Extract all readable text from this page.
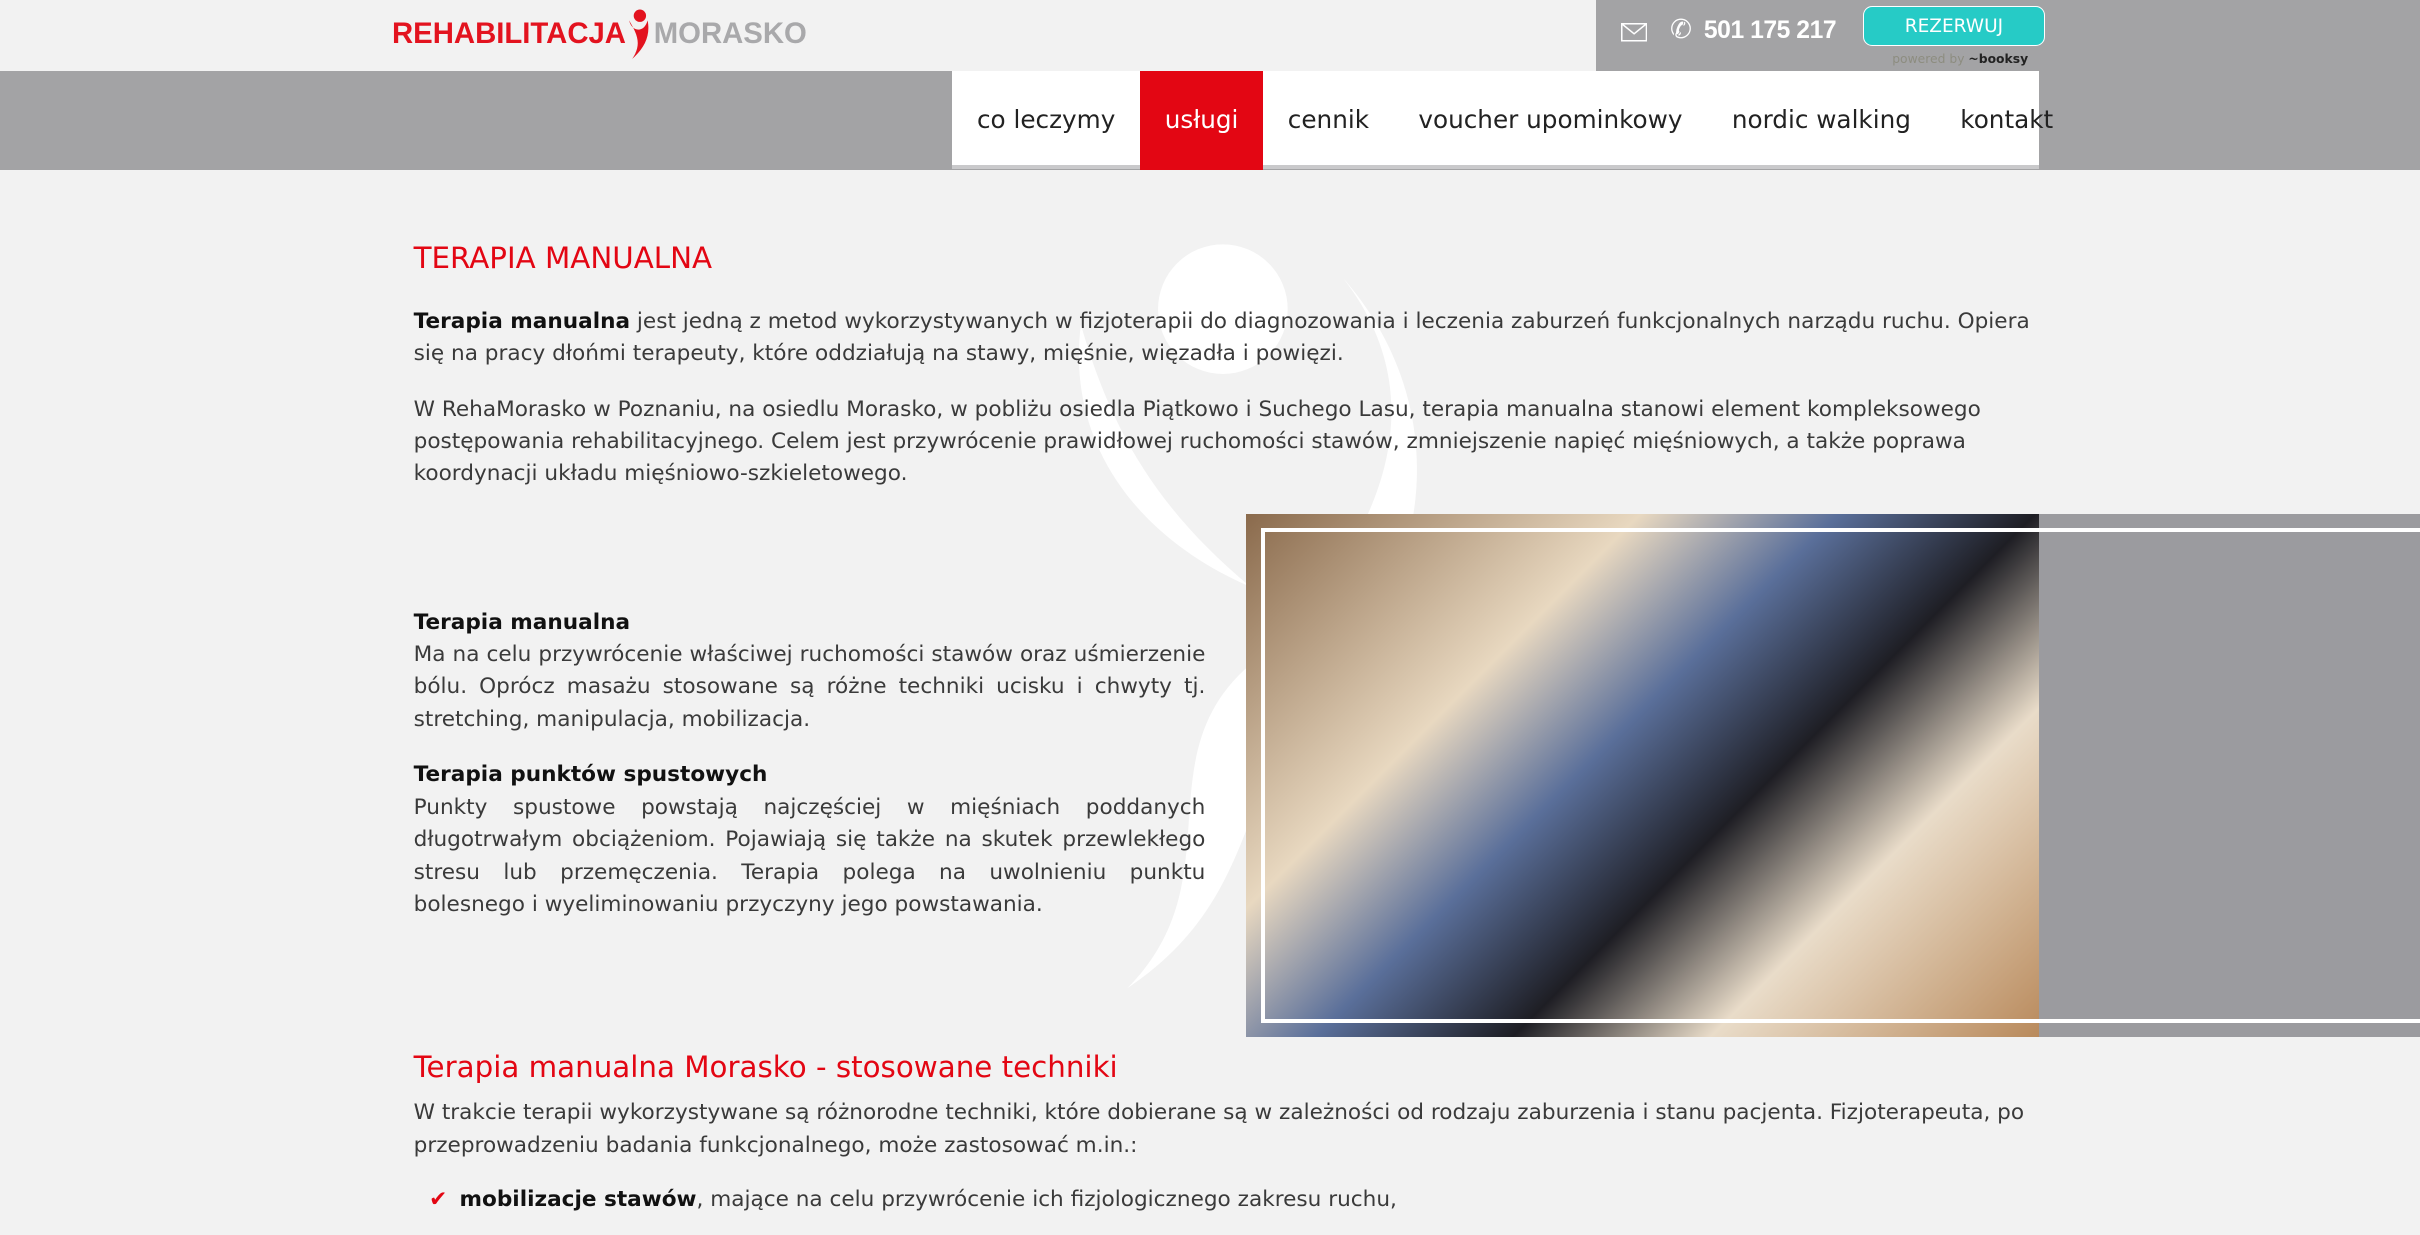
REHABILITACJA MORASKO	✆ 501 175 217	REZERWUJ
powered by ~booksy
co leczymy	usługi	cennik	voucher upominkowy	nordic walking	kontakt
TERAPIA MANUALNA

Terapia manualna jest jedną z metod wykorzystywanych w fizjoterapii do diagnozowania i leczenia zaburzeń funkcjonalnych narządu ruchu. Opiera się na pracy dłońmi terapeuty, które oddziałują na stawy, mięśnie, więzadła i powięzi.

W RehaMorasko w Poznaniu, na osiedlu Morasko, w pobliżu osiedla Piątkowo i Suchego Lasu, terapia manualna stanowi element kompleksowego postępowania rehabilitacyjnego. Celem jest przywrócenie prawidłowej ruchomości stawów, zmniejszenie napięć mięśniowych, a także poprawa koordynacji układu mięśniowo-szkieletowego.

Terapia manualna
Ma na celu przywrócenie właściwej ruchomości stawów oraz uśmierzenie bólu. Oprócz masażu stosowane są różne techniki ucisku i chwyty tj. stretching, manipulacja, mobilizacja.
Terapia punktów spustowych
Punkty spustowe powstają najczęściej w mięśniach poddanych długotrwałym obciążeniom. Pojawiają się także na skutek przewlekłego stresu lub przemęczenia. Terapia polega na uwolnieniu punktu bolesnego i wyeliminowaniu przyczyny jego powstawania.
Terapia manualna Morasko - stosowane techniki

W trakcie terapii wykorzystywane są różnorodne techniki, które dobierane są w zależności od rodzaju zaburzenia i stanu pacjenta. Fizjoterapeuta, po przeprowadzeniu badania funkcjonalnego, może zastosować m.in.:

✔ mobilizacje stawów, mające na celu przywrócenie ich fizjologicznego zakresu ruchu,
